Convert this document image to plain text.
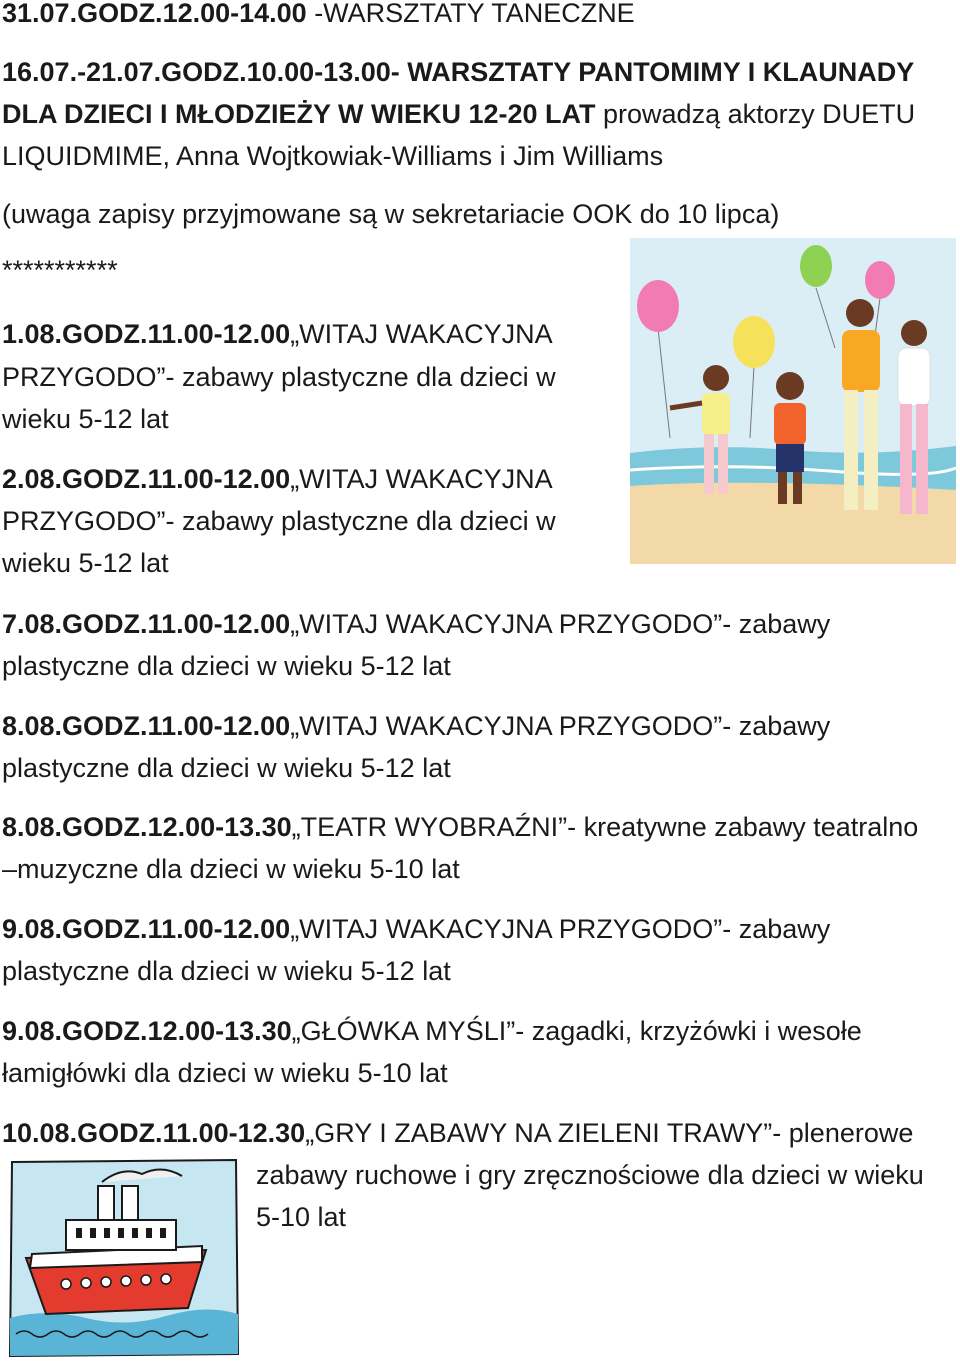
31.07.GODZ.12.00-14.00 -WARSZTATY TANECZNE

16.07.-21.07.GODZ.10.00-13.00- WARSZTATY PANTOMIMY I KLAUNADY

DLA DZIECI I MŁODZIEŻY W WIEKU 12-20 LAT prowadzą aktorzy DUETU

LIQUIDMIME, Anna Wojtkowiak-Williams i Jim Williams

(uwaga zapisy przyjmowane są w sekretariacie OOK do 10 lipca)

***********

1.08.GODZ.11.00-12.00„WITAJ WAKACYJNA

PRZYGODO”- zabawy plastyczne dla dzieci w

wieku 5-12 lat

2.08.GODZ.11.00-12.00„WITAJ WAKACYJNA

PRZYGODO”- zabawy plastyczne dla dzieci w

wieku 5-12 lat

7.08.GODZ.11.00-12.00„WITAJ WAKACYJNA PRZYGODO”- zabawy

plastyczne dla dzieci w wieku 5-12 lat

8.08.GODZ.11.00-12.00„WITAJ WAKACYJNA PRZYGODO”- zabawy

plastyczne dla dzieci w wieku 5-12 lat

8.08.GODZ.12.00-13.30„TEATR WYOBRAŹNI”- kreatywne zabawy teatralno

–muzyczne dla dzieci w wieku 5-10 lat

9.08.GODZ.11.00-12.00„WITAJ WAKACYJNA PRZYGODO”- zabawy

plastyczne dla dzieci w wieku 5-12 lat

9.08.GODZ.12.00-13.30„GŁÓWKA MYŚLI”- zagadki, krzyżówki i wesołe

łamigłówki dla dzieci w wieku 5-10 lat

10.08.GODZ.11.00-12.30„GRY I ZABAWY NA ZIELENI TRAWY”- plenerowe

zabawy ruchowe i gry zręcznościowe dla dzieci w wieku

5-10 lat
